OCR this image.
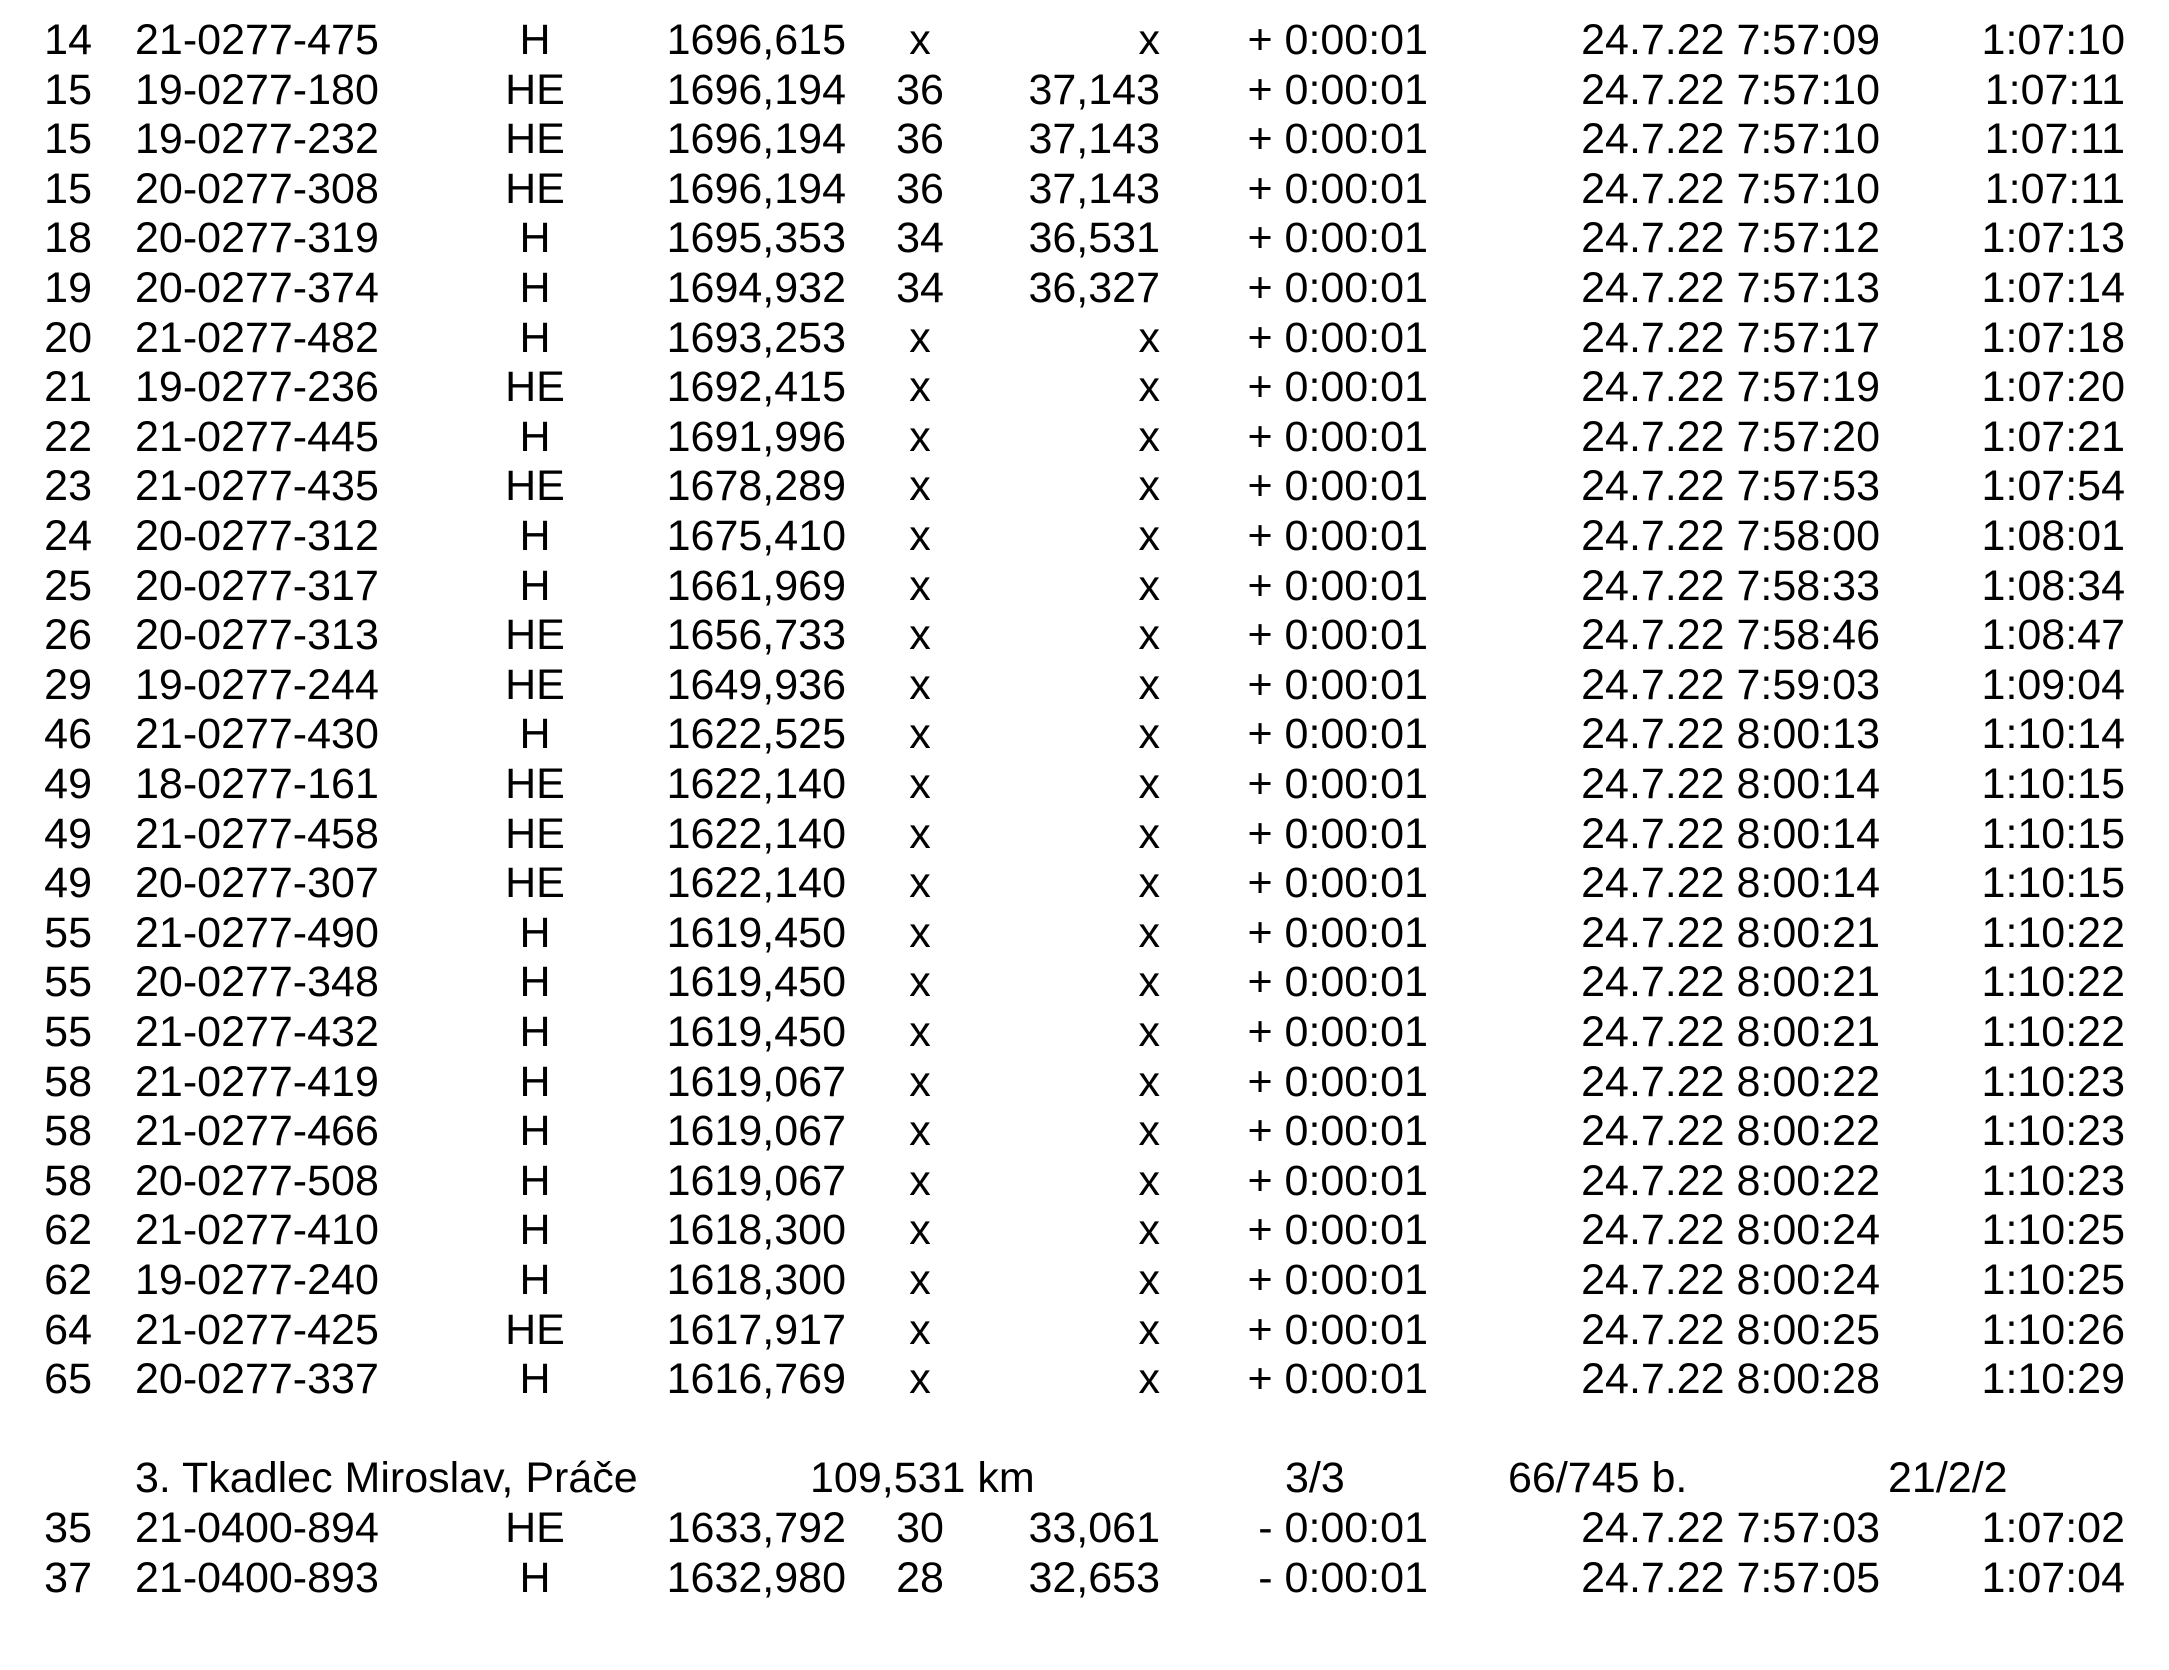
14 21-0277-475	H	1696,615	x	x	+ 0:00:01	24.7.22 7:57:09	1:07:10
15 19-0277-180	HE	1696,194	36	37,143	+ 0:00:01	24.7.22 7:57:10	1:07:11
15 19-0277-232	HE	1696,194	36	37,143	+ 0:00:01	24.7.22 7:57:10	1:07:11
15 20-0277-308	HE	1696,194	36	37,143	+ 0:00:01	24.7.22 7:57:10	1:07:11
18 20-0277-319	H	1695,353	34	36,531	+ 0:00:01	24.7.22 7:57:12	1:07:13
19 20-0277-374	H	1694,932	34	36,327	+ 0:00:01	24.7.22 7:57:13	1:07:14
20 21-0277-482	H	1693,253	x	x	+ 0:00:01	24.7.22 7:57:17	1:07:18
21 19-0277-236	HE	1692,415	x	x	+ 0:00:01	24.7.22 7:57:19	1:07:20
22 21-0277-445	H	1691,996	x	x	+ 0:00:01	24.7.22 7:57:20	1:07:21
23 21-0277-435	HE	1678,289	x	x	+ 0:00:01	24.7.22 7:57:53	1:07:54
24 20-0277-312	H	1675,410	x	x	+ 0:00:01	24.7.22 7:58:00	1:08:01
25 20-0277-317	H	1661,969	x	x	+ 0:00:01	24.7.22 7:58:33	1:08:34
26 20-0277-313	HE	1656,733	x	x	+ 0:00:01	24.7.22 7:58:46	1:08:47
29 19-0277-244	HE	1649,936	x	x	+ 0:00:01	24.7.22 7:59:03	1:09:04
46 21-0277-430	H	1622,525	x	x	+ 0:00:01	24.7.22 8:00:13	1:10:14
49 18-0277-161	HE	1622,140	x	x	+ 0:00:01	24.7.22 8:00:14	1:10:15
49 21-0277-458	HE	1622,140	x	x	+ 0:00:01	24.7.22 8:00:14	1:10:15
49 20-0277-307	HE	1622,140	x	x	+ 0:00:01	24.7.22 8:00:14	1:10:15
55 21-0277-490	H	1619,450	x	x	+ 0:00:01	24.7.22 8:00:21	1:10:22
55 20-0277-348	H	1619,450	x	x	+ 0:00:01	24.7.22 8:00:21	1:10:22
55 21-0277-432	H	1619,450	x	x	+ 0:00:01	24.7.22 8:00:21	1:10:22
58 21-0277-419	H	1619,067	x	x	+ 0:00:01	24.7.22 8:00:22	1:10:23
58 21-0277-466	H	1619,067	x	x	+ 0:00:01	24.7.22 8:00:22	1:10:23
58 20-0277-508	H	1619,067	x	x	+ 0:00:01	24.7.22 8:00:22	1:10:23
62 21-0277-410	H	1618,300	x	x	+ 0:00:01	24.7.22 8:00:24	1:10:25
62 19-0277-240	H	1618,300	x	x	+ 0:00:01	24.7.22 8:00:24	1:10:25
64 21-0277-425	HE	1617,917	x	x	+ 0:00:01	24.7.22 8:00:25	1:10:26
65 20-0277-337	H	1616,769	x	x	+ 0:00:01	24.7.22 8:00:28	1:10:29
3. Tkadlec Miroslav, Práče	109,531 km	3/3	66/745 b.	21/2/2
35 21-0400-894	HE	1633,792	30	33,061	- 0:00:01	24.7.22 7:57:03	1:07:02
37 21-0400-893	H	1632,980	28	32,653	- 0:00:01	24.7.22 7:57:05	1:07:04
